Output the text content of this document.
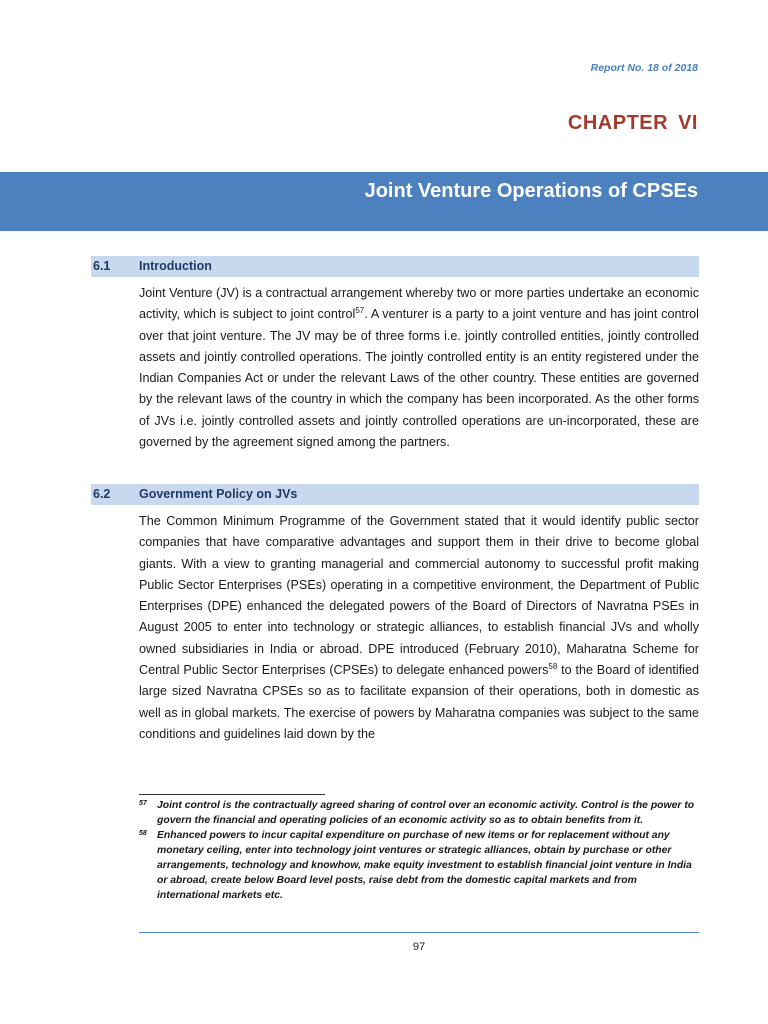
Report No. 18 of 2018
CHAPTER VI
Joint Venture Operations of CPSEs
6.1 Introduction

Joint Venture (JV) is a contractual arrangement whereby two or more parties undertake an economic activity, which is subject to joint control$^{57}$. A venturer is a party to a joint venture and has joint control over that joint venture. The JV may be of three forms i.e. jointly controlled entities, jointly controlled assets and jointly controlled operations. The jointly controlled entity is an entity registered under the Indian Companies Act or under the relevant Laws of the other country. These entities are governed by the relevant laws of the country in which the company has been incorporated. As the other forms of JVs i.e. jointly controlled assets and jointly controlled operations are un-incorporated, these are governed by the agreement signed among the partners.

6.2 Government Policy on JVs

The Common Minimum Programme of the Government stated that it would identify public sector companies that have comparative advantages and support them in their drive to become global giants. With a view to granting managerial and commercial autonomy to successful profit making Public Sector Enterprises (PSEs) operating in a competitive environment, the Department of Public Enterprises (DPE) enhanced the delegated powers of the Board of Directors of Navratna PSEs in August 2005 to enter into technology or strategic alliances, to establish financial JVs and wholly owned subsidiaries in India or abroad. DPE introduced (February 2010), Maharatna Scheme for Central Public Sector Enterprises (CPSEs) to delegate enhanced powers$^{58}$ to the Board of identified large sized Navratna CPSEs so as to facilitate expansion of their operations, both in domestic as well as in global markets. The exercise of powers by Maharatna companies was subject to the same conditions and guidelines laid down by the

57 Joint control is the contractually agreed sharing of control over an economic activity. Control is the power to govern the financial and operating policies of an economic activity so as to obtain benefits from it.

58 Enhanced powers to incur capital expenditure on purchase of new items or for replacement without any monetary ceiling, enter into technology joint ventures or strategic alliances, obtain by purchase or other arrangements, technology and knowhow, make equity investment to establish financial joint venture in India or abroad, create below Board level posts, raise debt from the domestic capital markets and from international markets etc.

97
